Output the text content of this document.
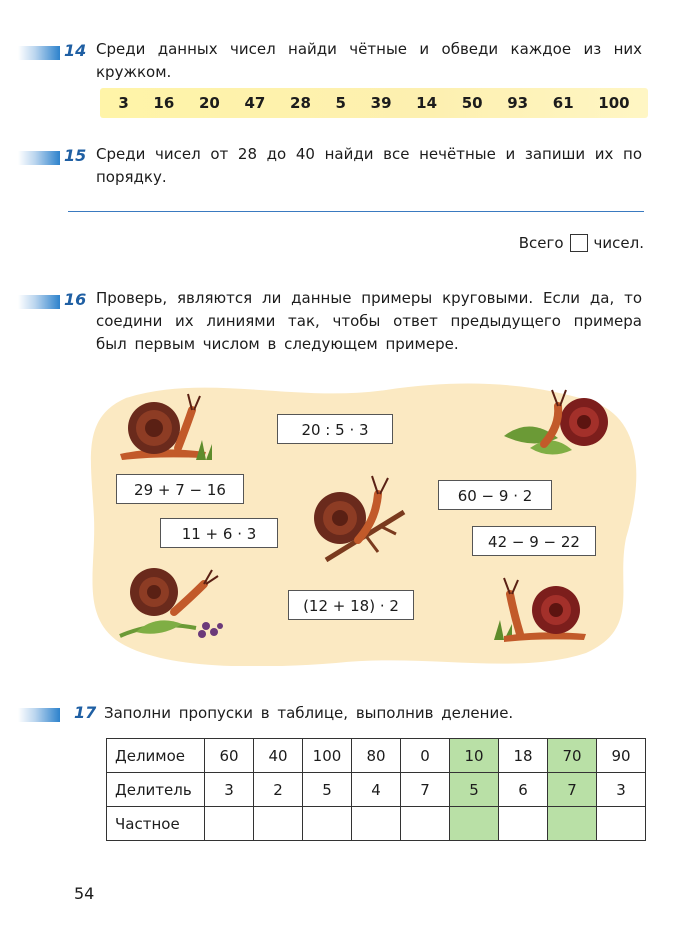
14 Среди данных чисел найди чётные и обведи каждое из них кружком.
3 16 20 47 28 5 39 14 50 93 61 100
15 Среди чисел от 28 до 40 найди все нечётные и запиши их по порядку.
Всего чисел.
16 Проверь, являются ли данные примеры круговыми. Если да, то соедини их линиями так, чтобы ответ предыдущего примера был первым числом в следующем примере.
20 : 5 · 3
29 + 7 − 16	60 − 9 · 2
11 + 6 · 3	42 − 9 − 22
(12 + 18) · 2
17 Заполни пропуски в таблице, выполнив деление.
Делимое	60	40	100	80	0	10	18	70	90
Делитель	3	2	5	4	7	5	6	7	3
Частное									
54
